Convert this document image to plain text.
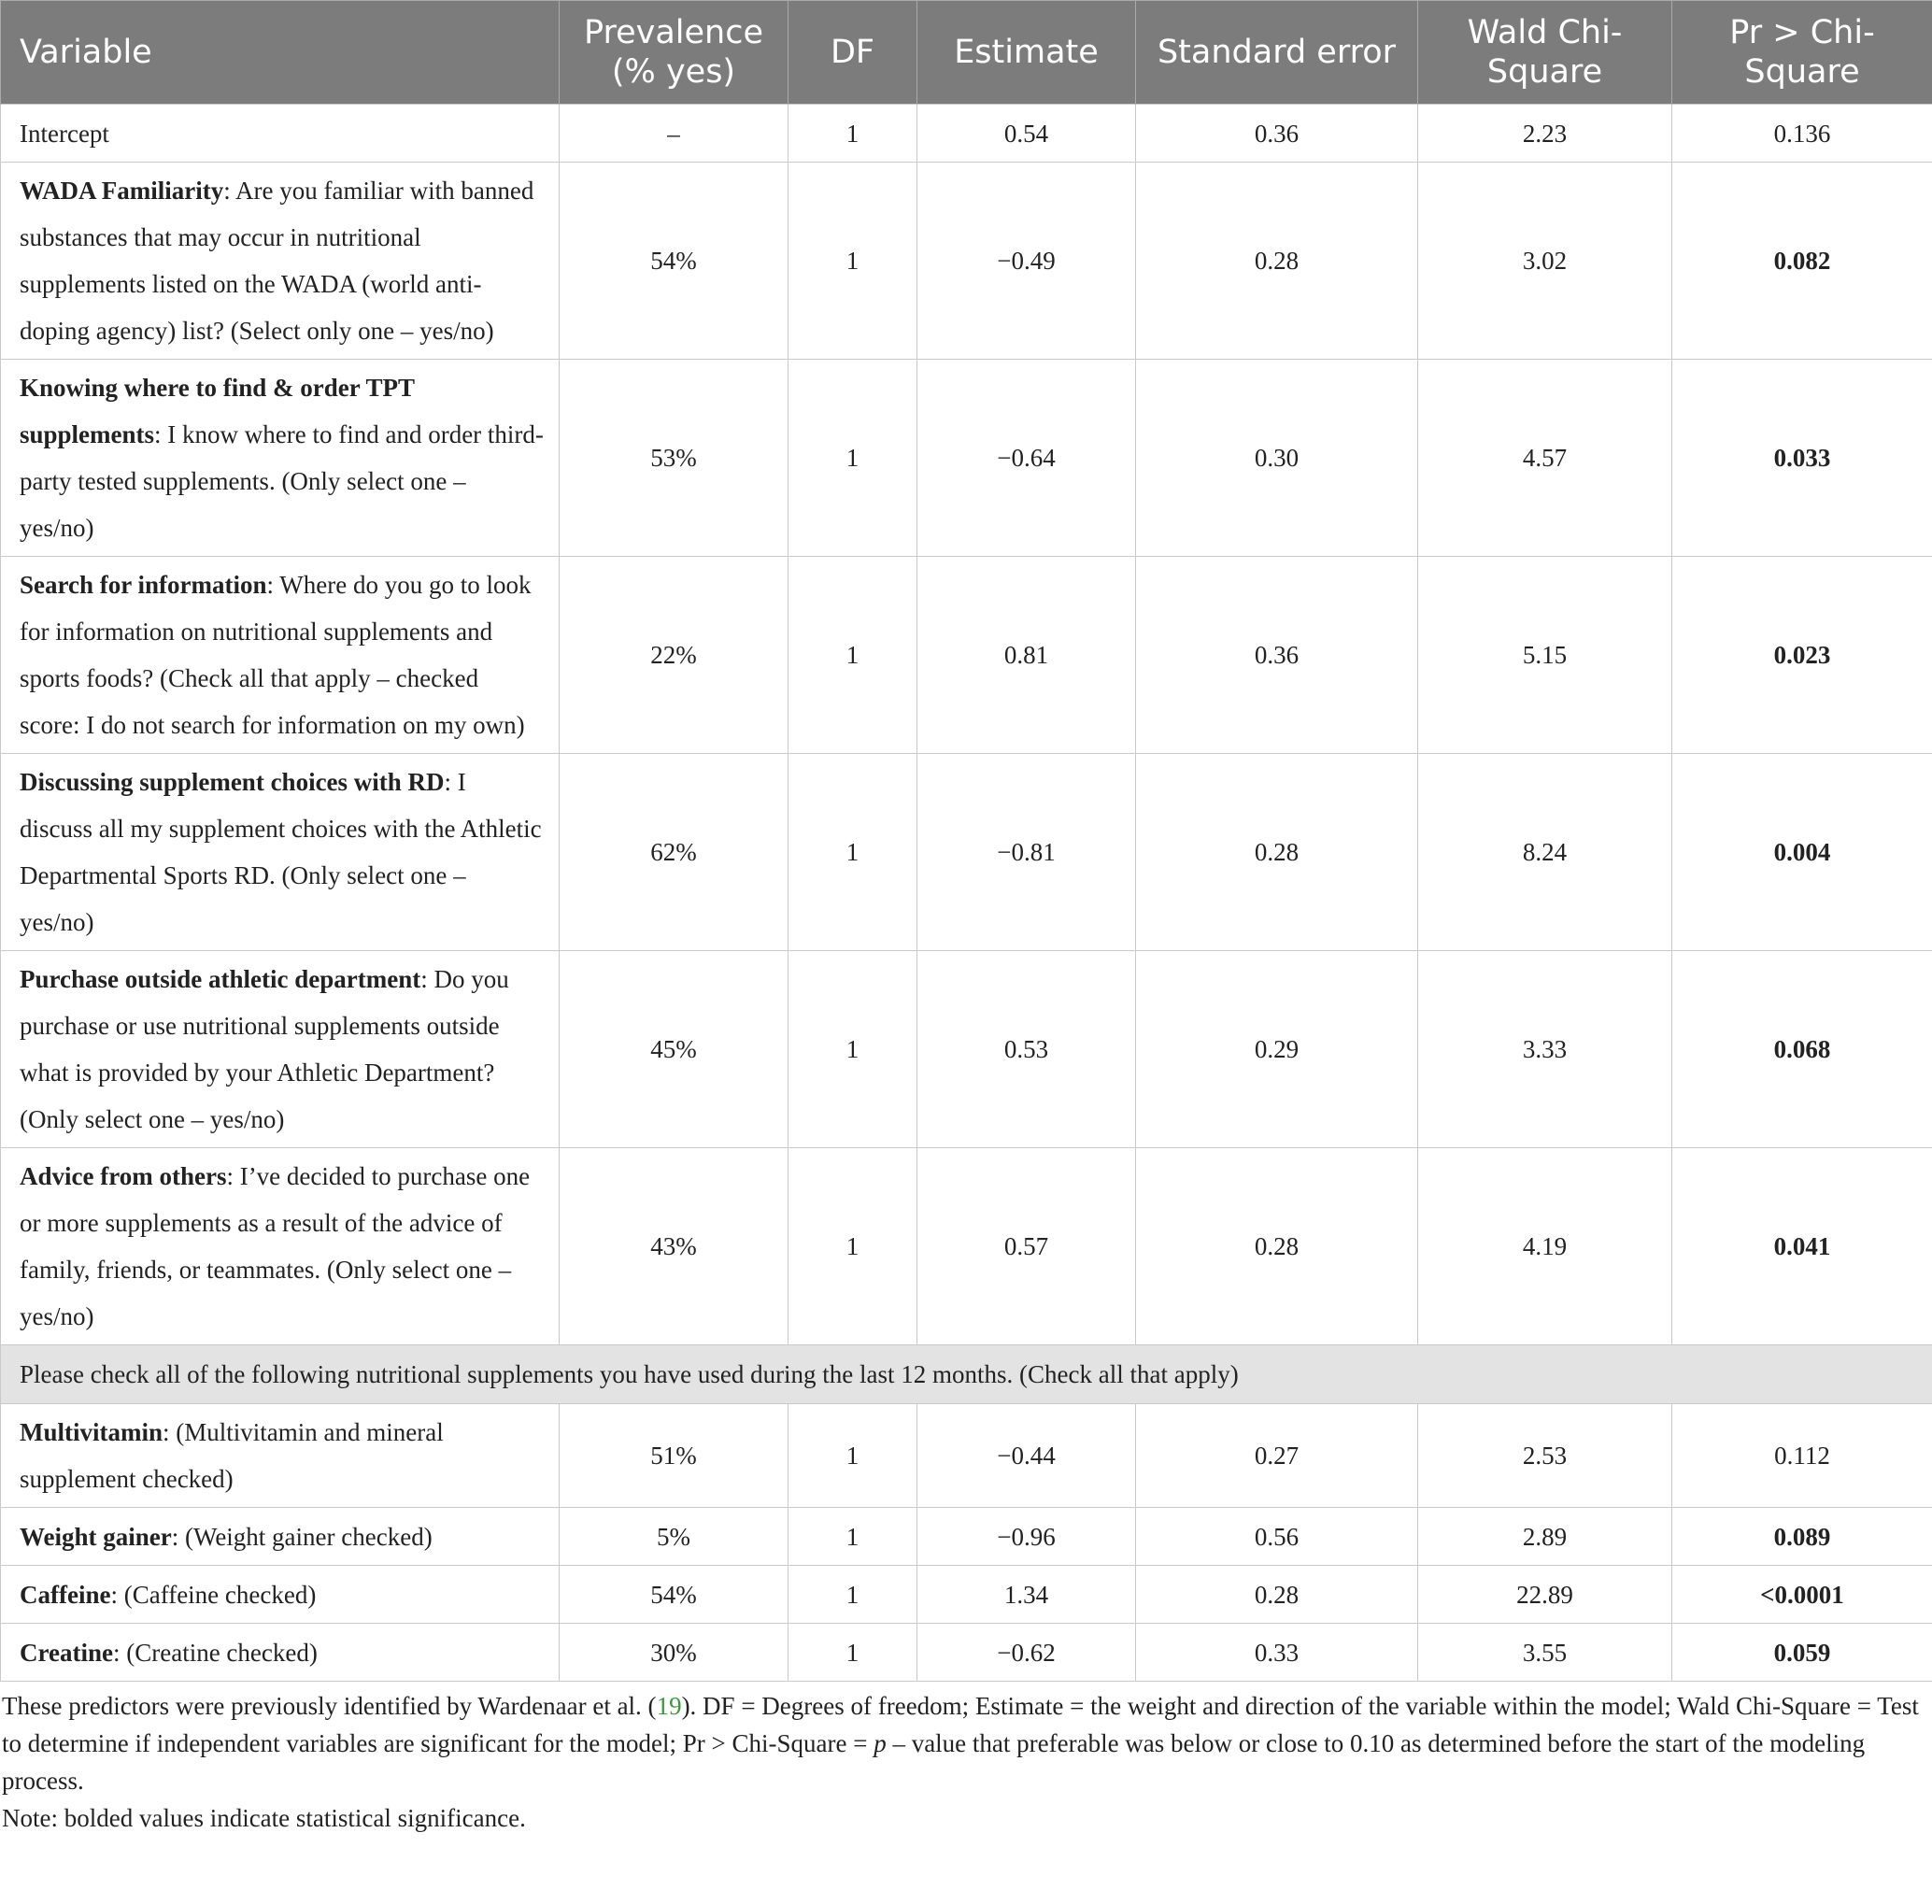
Variable	Prevalence (% yes)	DF	Estimate	Standard error	Wald Chi-Square	Pr > Chi-Square
Intercept	–	1	0.54	0.36	2.23	0.136
WADA Familiarity: Are you familiar with banned substances that may occur in nutritional supplements listed on the WADA (world anti-doping agency) list? (Select only one – yes/no)	54%	1	−0.49	0.28	3.02	0.082
Knowing where to find & order TPT supplements: I know where to find and order third-party tested supplements. (Only select one – yes/no)	53%	1	−0.64	0.30	4.57	0.033
Search for information: Where do you go to look for information on nutritional supplements and sports foods? (Check all that apply – checked score: I do not search for information on my own)	22%	1	0.81	0.36	5.15	0.023
Discussing supplement choices with RD: I discuss all my supplement choices with the Athletic Departmental Sports RD. (Only select one – yes/no)	62%	1	−0.81	0.28	8.24	0.004
Purchase outside athletic department: Do you purchase or use nutritional supplements outside what is provided by your Athletic Department? (Only select one – yes/no)	45%	1	0.53	0.29	3.33	0.068
Advice from others: I’ve decided to purchase one or more supplements as a result of the advice of family, friends, or teammates. (Only select one – yes/no)	43%	1	0.57	0.28	4.19	0.041
Please check all of the following nutritional supplements you have used during the last 12 months. (Check all that apply)						
Multivitamin: (Multivitamin and mineral supplement checked)	51%	1	−0.44	0.27	2.53	0.112
Weight gainer: (Weight gainer checked)	5%	1	−0.96	0.56	2.89	0.089
Caffeine: (Caffeine checked)	54%	1	1.34	0.28	22.89	<0.0001
Creatine: (Creatine checked)	30%	1	−0.62	0.33	3.55	0.059
These predictors were previously identified by Wardenaar et al. (19). DF = Degrees of freedom; Estimate = the weight and direction of the variable within the model; Wald Chi-Square = Test to determine if independent variables are significant for the model; Pr > Chi-Square = p – value that preferable was below or close to 0.10 as determined before the start of the modeling process.
Note: bolded values indicate statistical significance.
